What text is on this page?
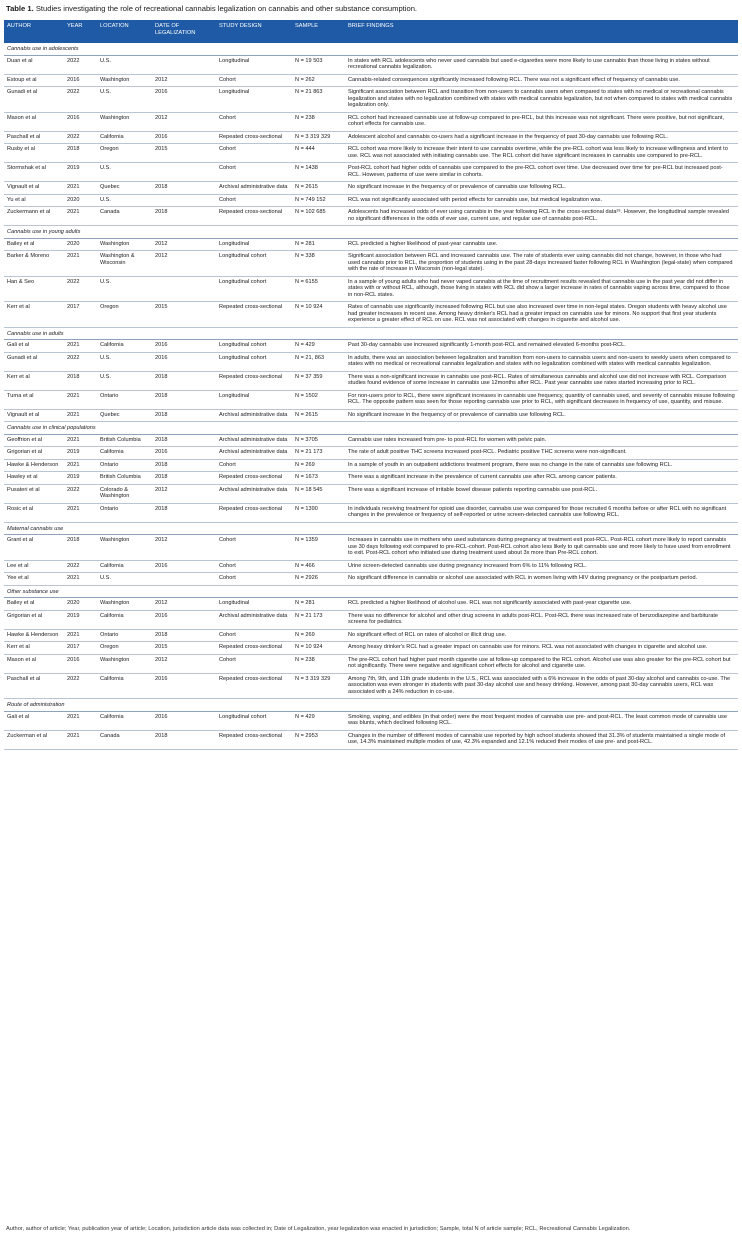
Table 1. Studies investigating the role of recreational cannabis legalization on cannabis and other substance consumption.
AUTHOR	YEAR	LOCATION	DATE OF LEGALIZATION	STUDY DESIGN	SAMPLE	BRIEF FINDINGS
Cannabis use in adolescents						
Duan et al	2022	U.S.		Longitudinal	N = 19 503	In states with RCL adolescents who never used cannabis but used e-cigarettes were more likely to use cannabis than those living in states without recreational cannabis legalization.
Estoup et al	2016	Washington	2012	Cohort	N = 262	Cannabis-related consequences significantly increased following RCL. There was not a significant effect of frequency of cannabis use.
Gunadi et al	2022	U.S.	2016	Longitudinal	N = 21 863	Significant association between RCL and transition from non-users to cannabis users when compared to states with no medical or recreational cannabis legalization and states with no legalization combined with states with medical cannabis legalization, but not when compared to states with medical cannabis legalization only.
Mason et al	2016	Washington	2012	Cohort	N = 238	RCL cohort had increased cannabis use at follow-up compared to pre-RCL, but this increase was not significant. There were positive, but not significant, cohort effects for cannabis use.
Paschall et al	2022	California	2016	Repeated cross-sectional	N = 3 319 329	Adolescent alcohol and cannabis co-users had a significant increase in the frequency of past 30-day cannabis use following RCL.
Rusby et al	2018	Oregon	2015	Cohort	N = 444	RCL cohort was more likely to increase their intent to use cannabis overtime, while the pre-RCL cohort was less likely to increase willingness and intent to use. RCL was not associated with initiating cannabis use. The RCL cohort did have significant increases in cannabis use compared to pre-RCL.
Stormshak et al	2019	U.S.		Cohort	N = 1438	Post-RCL cohort had higher odds of cannabis use compared to the pre-RCL cohort over time. Use decreased over time for pre-RCL but increased post-RCL. However, patterns of use were similar in cohorts.
Vignault et al	2021	Quebec	2018	Archival administrative data	N = 2615	No significant increase in the frequency of or prevalence of cannabis use following RCL.
Yu et al	2020	U.S.		Cohort	N = 749 152	RCL was not significantly associated with period effects for cannabis use, but medical legalization was.
Zuckermann et al	2021	Canada	2018	Repeated cross-sectional	N = 102 685	Adolescents had increased odds of ever using cannabis in the year following RCL in the cross-sectional data²⁹. However, the longitudinal sample revealed no significant differences in the odds of ever use, current use, and regular use of cannabis post-RCL.
Cannabis use in young adults						
Bailey et al	2020	Washington	2012	Longitudinal	N = 281	RCL predicted a higher likelihood of past-year cannabis use.
Barker & Moreno	2021	Washington & Wisconsin	2012	Longitudinal cohort	N = 338	Significant association between RCL and increased cannabis use. The rate of students ever using cannabis did not change, however, in those who had used cannabis prior to RCL, the proportion of students using in the past 28-days increased faster following RCL in Washington (legal-state) when compared with the rate of increase in Wisconsin (non-legal state).
Han & Seo	2022	U.S.		Longitudinal cohort	N = 6155	In a sample of young adults who had never vaped cannabis at the time of recruitment results revealed that cannabis use in the past year did not differ in states with or without RCL, although, those living in states with RCL did show a larger increase in rates of cannabis vaping across time, compared to those in non-RCL states.
Kerr et al	2017	Oregon	2015	Repeated cross-sectional	N = 10 924	Rates of cannabis use significantly increased following RCL but use also increased over time in non-legal states. Oregon students with heavy alcohol use had greater increases in recent use. Among heavy drinker's RCL had a greater impact on cannabis use for minors. No support that first year students experience a greater effect of RCL on use. RCL was not associated with changes in cigarette and alcohol use.
Cannabis use in adults						
Gali et al	2021	California	2016	Longitudinal cohort	N = 429	Past 30-day cannabis use increased significantly 1-month post-RCL and remained elevated 6-months post-RCL.
Gunadi et al	2022	U.S.	2016	Longitudinal cohort	N = 21, 863	In adults, there was an association between legalization and transition from non-users to cannabis users and non-users to weekly users when compared to states with no medical or recreational cannabis legalization and states with no legalization combined with states with medical cannabis legalization.
Kerr et al	2018	U.S.	2018	Repeated cross-sectional	N = 37 359	There was a non-significant increase in cannabis use post-RCL. Rates of simultaneous cannabis and alcohol use did not increase with RCL. Comparison studies found evidence of some increase in cannabis use 12months after RCL. Past year cannabis use rates started increasing prior to RCL.
Turna et al	2021	Ontario	2018	Longitudinal	N = 1502	For non-users prior to RCL, there were significant increases in cannabis use frequency, quantity of cannabis used, and severity of cannabis misuse following RCL. The opposite pattern was seen for those reporting cannabis use prior to RCL, with significant decreases in frequency of use, quantity, and misuse.
Vignault et al	2021	Quebec	2018	Archival administrative data	N = 2615	No significant increase in the frequency of or prevalence of cannabis use following RCL.
Cannabis use in clinical populations						
Geoffrion et al	2021	British Columbia	2018	Archival administrative data	N = 3705	Cannabis use rates increased from pre- to post-RCL for women with pelvic pain.
Grigorian et al	2019	California	2016	Archival administrative data	N = 21 173	The rate of adult positive THC screens increased post-RCL. Pediatric positive THC screens were non-significant.
Hawke & Henderson	2021	Ontario	2018	Cohort	N = 269	In a sample of youth in an outpatient addictions treatment program, there was no change in the rate of cannabis use following RCL.
Hawley et al	2019	British Columbia	2018	Repeated cross-sectional	N = 1673	There was a significant increase in the prevalence of current cannabis use after RCL among cancer patients.
Pusateri et al	2022	Colorado & Washington	2012	Archival administrative data	N = 18 545	There was a significant increase of irritable bowel disease patients reporting cannabis use post-RCL.
Rosic et al	2021	Ontario	2018	Repeated cross-sectional	N = 1390	In individuals receiving treatment for opioid use disorder, cannabis use was compared for those recruited 6 months before or after RCL with no significant changes in the prevalence or frequency of self-reported or urine screen-detected cannabis use following RCL.
Maternal cannabis use						
Grant et al	2018	Washington	2012	Cohort	N = 1359	Increases in cannabis use in mothers who used substances during pregnancy at treatment exit post-RCL. Post-RCL cohort more likely to report cannabis use 30 days following exit compared to pre-RCL-cohort. Post-RCL cohort also less likely to quit cannabis use and more likely to have used from enrollment to exit. Post-RCL cohort who initiated use during treatment used about 3x more than Pre-RCL cohort.
Lee et al	2022	California	2016	Cohort	N = 466	Urine screen-detected cannabis use during pregnancy increased from 6% to 11% following RCL.
Yee et al	2021	U.S.		Cohort	N = 2926	No significant difference in cannabis or alcohol use associated with RCL in women living with HIV during pregnancy or the postpartum period.
Other substance use						
Bailey et al	2020	Washington	2012	Longitudinal	N = 281	RCL predicted a higher likelihood of alcohol use. RCL was not significantly associated with past-year cigarette use.
Grigorian et al	2019	California	2016	Archival administrative data	N = 21 173	There was no difference for alcohol and other drug screens in adults post-RCL. Post-RCL there was increased rate of benzodiazepine and barbiturate screens for pediatrics.
Hawke & Henderson	2021	Ontario	2018	Cohort	N = 269	No significant effect of RCL on rates of alcohol or illicit drug use.
Kerr et al	2017	Oregon	2015	Repeated cross-sectional	N = 10 924	Among heavy drinker's RCL had a greater impact on cannabis use for minors. RCL was not associated with changes in cigarette and alcohol use.
Mason et al	2016	Washington	2012	Cohort	N = 238	The pre-RCL cohort had higher past month cigarette use at follow-up compared to the RCL cohort. Alcohol use was also greater for the pre-RCL cohort but not significantly. There were negative and significant cohort effects for alcohol and cigarette use.
Paschall et al	2022	California	2016	Repeated cross-sectional	N = 3 319 329	Among 7th, 9th, and 11th grade students in the U.S., RCL was associated with a 6% increase in the odds of past 30-day alcohol and cannabis co-use. The association was even stronger in students with past 30-day alcohol use and heavy drinking. However, among past 30-day cannabis users, RCL was associated with a 24% reduction in co-use.
Route of administration						
Gali et al	2021	California	2016	Longitudinal cohort	N = 429	Smoking, vaping, and edibles (in that order) were the most frequent modes of cannabis use pre- and post-RCL. The least common mode of cannabis use was blunts, which declined following RCL.
Zuckerman et al	2021	Canada	2018	Repeated cross-sectional	N = 2953	Changes in the number of different modes of cannabis use reported by high school students showed that 31.3% of students maintained a single mode of use, 14.3% maintained multiple modes of use, 42.3% expanded and 12.1% reduced their modes of use pre- and post-RCL.
Author, author of article; Year, publication year of article; Location, jurisdiction article data was collected in; Date of Legalization, year legalization was enacted in jurisdiction; Sample, total N of article sample; RCL, Recreational Cannabis Legalization.
